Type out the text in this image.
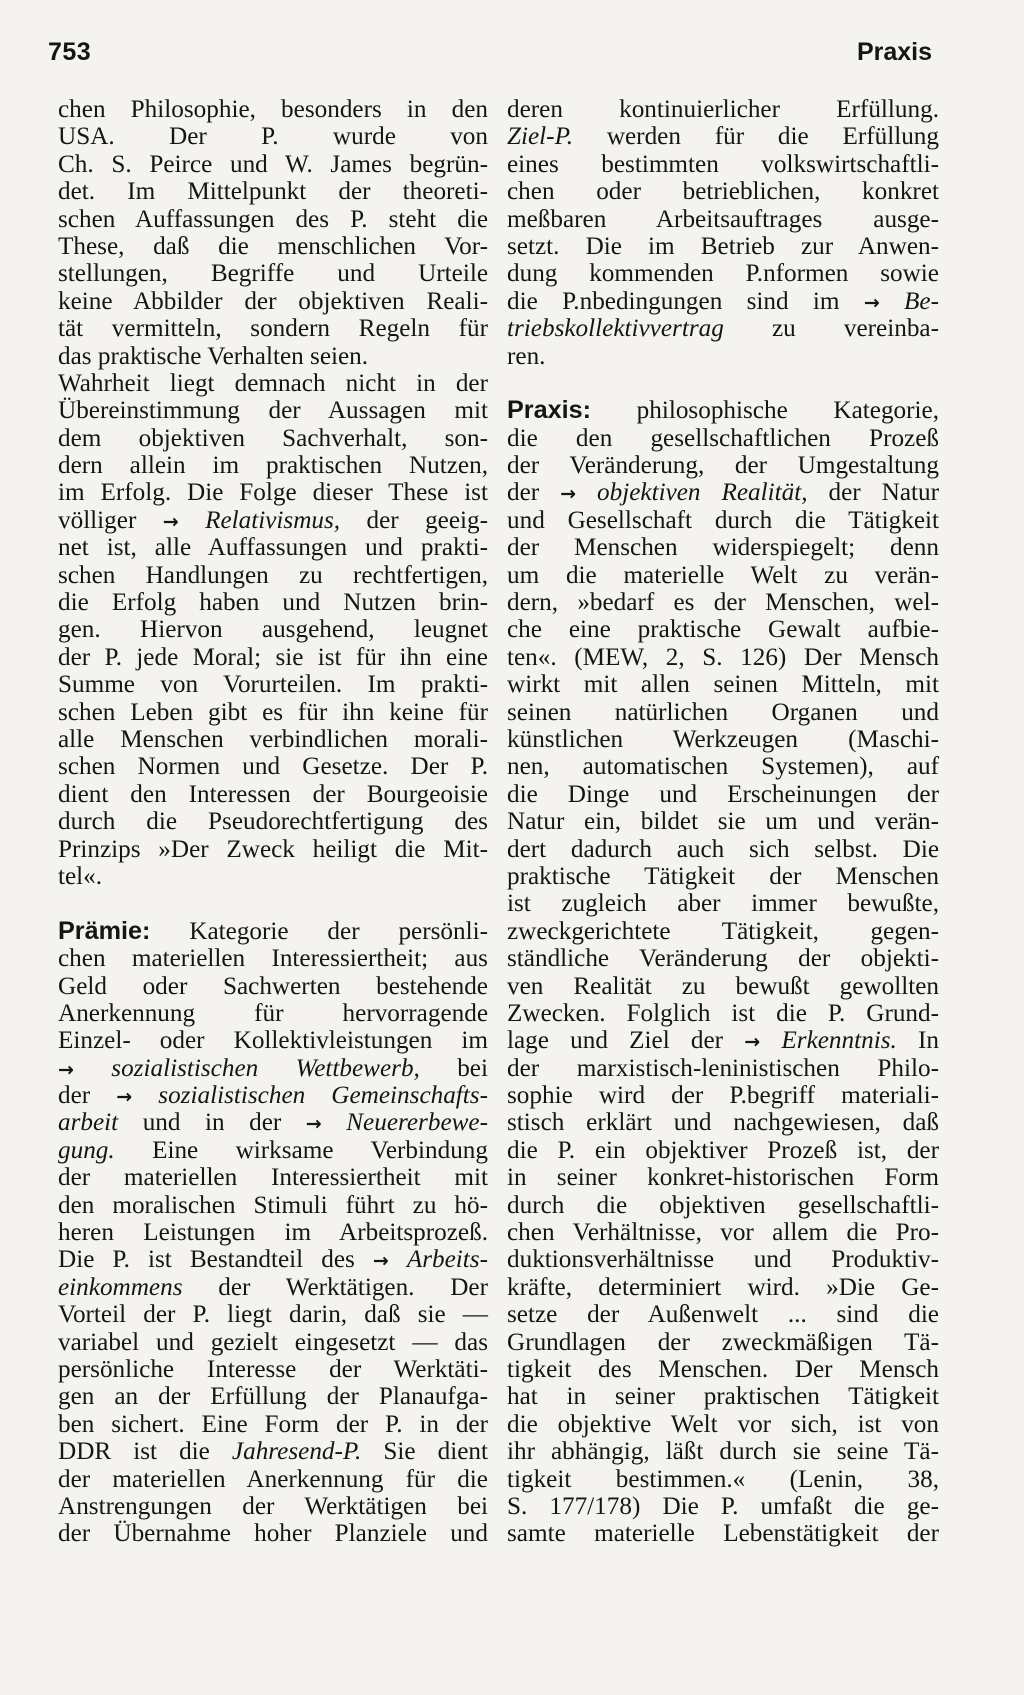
753	Praxis
chen Philosophie, besonders in den
USA. Der P. wurde von
Ch. S. Peirce und W. James begrün-
det. Im Mittelpunkt der theoreti-
schen Auffassungen des P. steht die
These, daß die menschlichen Vor-
stellungen, Begriffe und Urteile
keine Abbilder der objektiven Reali-
tät vermitteln, sondern Regeln für
das praktische Verhalten seien.
Wahrheit liegt demnach nicht in der
Übereinstimmung der Aussagen mit
dem objektiven Sachverhalt, son-
dern allein im praktischen Nutzen,
im Erfolg. Die Folge dieser These ist
völliger → Relativismus, der geeig-
net ist, alle Auffassungen und prakti-
schen Handlungen zu rechtfertigen,
die Erfolg haben und Nutzen brin-
gen. Hiervon ausgehend, leugnet
der P. jede Moral; sie ist für ihn eine
Summe von Vorurteilen. Im prakti-
schen Leben gibt es für ihn keine für
alle Menschen verbindlichen morali-
schen Normen und Gesetze. Der P.
dient den Interessen der Bourgeoisie
durch die Pseudorechtfertigung des
Prinzips »Der Zweck heiligt die Mit-
tel«.
Prämie: Kategorie der persönli-
chen materiellen Interessiertheit; aus
Geld oder Sachwerten bestehende
Anerkennung für hervorragende
Einzel- oder Kollektivleistungen im
→ sozialistischen Wettbewerb, bei
der → sozialistischen Gemeinschafts-
arbeit und in der → Neuererbewe-
gung. Eine wirksame Verbindung
der materiellen Interessiertheit mit
den moralischen Stimuli führt zu hö-
heren Leistungen im Arbeitsprozeß.
Die P. ist Bestandteil des → Arbeits-
einkommens der Werktätigen. Der
Vorteil der P. liegt darin, daß sie —
variabel und gezielt eingesetzt — das
persönliche Interesse der Werktäti-
gen an der Erfüllung der Planaufga-
ben sichert. Eine Form der P. in der
DDR ist die Jahresend-P. Sie dient
der materiellen Anerkennung für die
Anstrengungen der Werktätigen bei
der Übernahme hoher Planziele und
deren kontinuierlicher Erfüllung.
Ziel-P. werden für die Erfüllung
eines bestimmten volkswirtschaftli-
chen oder betrieblichen, konkret
meßbaren Arbeitsauftrages ausge-
setzt. Die im Betrieb zur Anwen-
dung kommenden P.nformen sowie
die P.nbedingungen sind im → Be-
triebskollektivvertrag zu vereinba-
ren.
Praxis: philosophische Kategorie,
die den gesellschaftlichen Prozeß
der Veränderung, der Umgestaltung
der → objektiven Realität, der Natur
und Gesellschaft durch die Tätigkeit
der Menschen widerspiegelt; denn
um die materielle Welt zu verän-
dern, »bedarf es der Menschen, wel-
che eine praktische Gewalt aufbie-
ten«. (MEW, 2, S. 126) Der Mensch
wirkt mit allen seinen Mitteln, mit
seinen natürlichen Organen und
künstlichen Werkzeugen (Maschi-
nen, automatischen Systemen), auf
die Dinge und Erscheinungen der
Natur ein, bildet sie um und verän-
dert dadurch auch sich selbst. Die
praktische Tätigkeit der Menschen
ist zugleich aber immer bewußte,
zweckgerichtete Tätigkeit, gegen-
ständliche Veränderung der objekti-
ven Realität zu bewußt gewollten
Zwecken. Folglich ist die P. Grund-
lage und Ziel der → Erkenntnis. In
der marxistisch-leninistischen Philo-
sophie wird der P.begriff materiali-
stisch erklärt und nachgewiesen, daß
die P. ein objektiver Prozeß ist, der
in seiner konkret-historischen Form
durch die objektiven gesellschaftli-
chen Verhältnisse, vor allem die Pro-
duktionsverhältnisse und Produktiv-
kräfte, determiniert wird. »Die Ge-
setze der Außenwelt ... sind die
Grundlagen der zweckmäßigen Tä-
tigkeit des Menschen. Der Mensch
hat in seiner praktischen Tätigkeit
die objektive Welt vor sich, ist von
ihr abhängig, läßt durch sie seine Tä-
tigkeit bestimmen.« (Lenin, 38,
S. 177/178) Die P. umfaßt die ge-
samte materielle Lebenstätigkeit der
